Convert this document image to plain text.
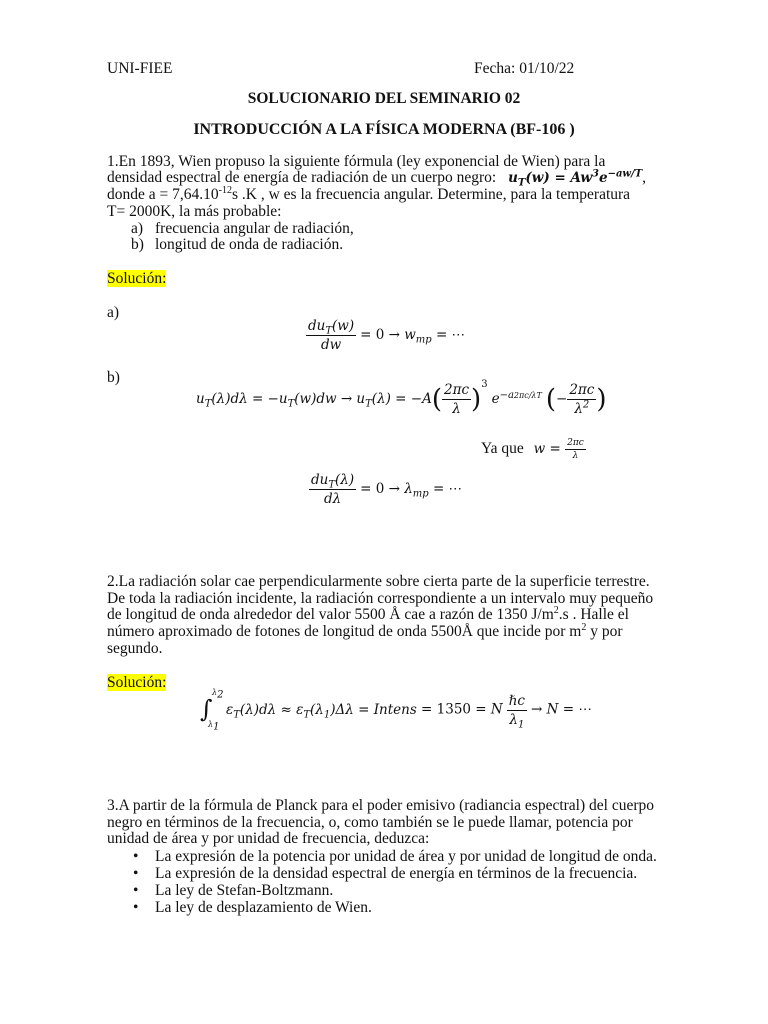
UNI-FIEE	Fecha: 01/10/22
SOLUCIONARIO DEL SEMINARIO 02
INTRODUCCIÓN A LA FÍSICA MODERNA (BF-106 )
1.En 1893, Wien propuso la siguiente fórmula (ley exponencial de Wien) para la
densidad espectral de energía de radiación de un cuerpo negro: $u_T(w) = Aw^3e^{-aw/T}$,
donde $a = 7,64.10^{-12}s$ .K , w es la frecuencia angular. Determine, para la temperatura
T= 2000K, la más probable:
a) frecuencia angular de radiación,
b) longitud de onda de radiación.
Solución:
a)
$\frac{du_T(w)}{dw} = 0 \to w_{mp}$ = ⋯
b)
$u_T(\lambda)d\lambda = -u_T(w)dw \to u_T(\lambda) = -A( \frac{2\pi c}{\lambda} )^3$ $e^{-a2\pi c/\lambda T}$ (− $\frac{2\pi c}{\lambda^2}$ )
Ya que $w = \frac{2\pi c}{\lambda}$
$\frac{du_T(\lambda)}{d\lambda} = 0 \to \lambda_{mp}$ = ⋯
2.La radiación solar cae perpendicularmente sobre cierta parte de la superficie terrestre.
De toda la radiación incidente, la radiación correspondiente a un intervalo muy pequeño
de longitud de onda alrededor del valor 5500 Å cae a razón de 1350 $J/m^2.s$ . Halle el
número aproximado de fotones de longitud de onda 5500Å que incide por $m^2$ y por
segundo.
Solución:
∫
$\lambda_2$
$\lambda_1$
$\varepsilon_T(\lambda)d\lambda \approx \varepsilon_T(\lambda_1)\Delta\lambda$ = Intens = 1350 = N $\frac{\text{ℏc}}{\lambda_1} \to N$ = ⋯
3.A partir de la fórmula de Planck para el poder emisivo (radiancia espectral) del cuerpo
negro en términos de la frecuencia, o, como también se le puede llamar, potencia por
unidad de área y por unidad de frecuencia, deduzca:
•	La expresión de la potencia por unidad de área y por unidad de longitud de onda.
•	La expresión de la densidad espectral de energía en términos de la frecuencia.
•	La ley de Stefan-Boltzmann.
•	La ley de desplazamiento de Wien.
